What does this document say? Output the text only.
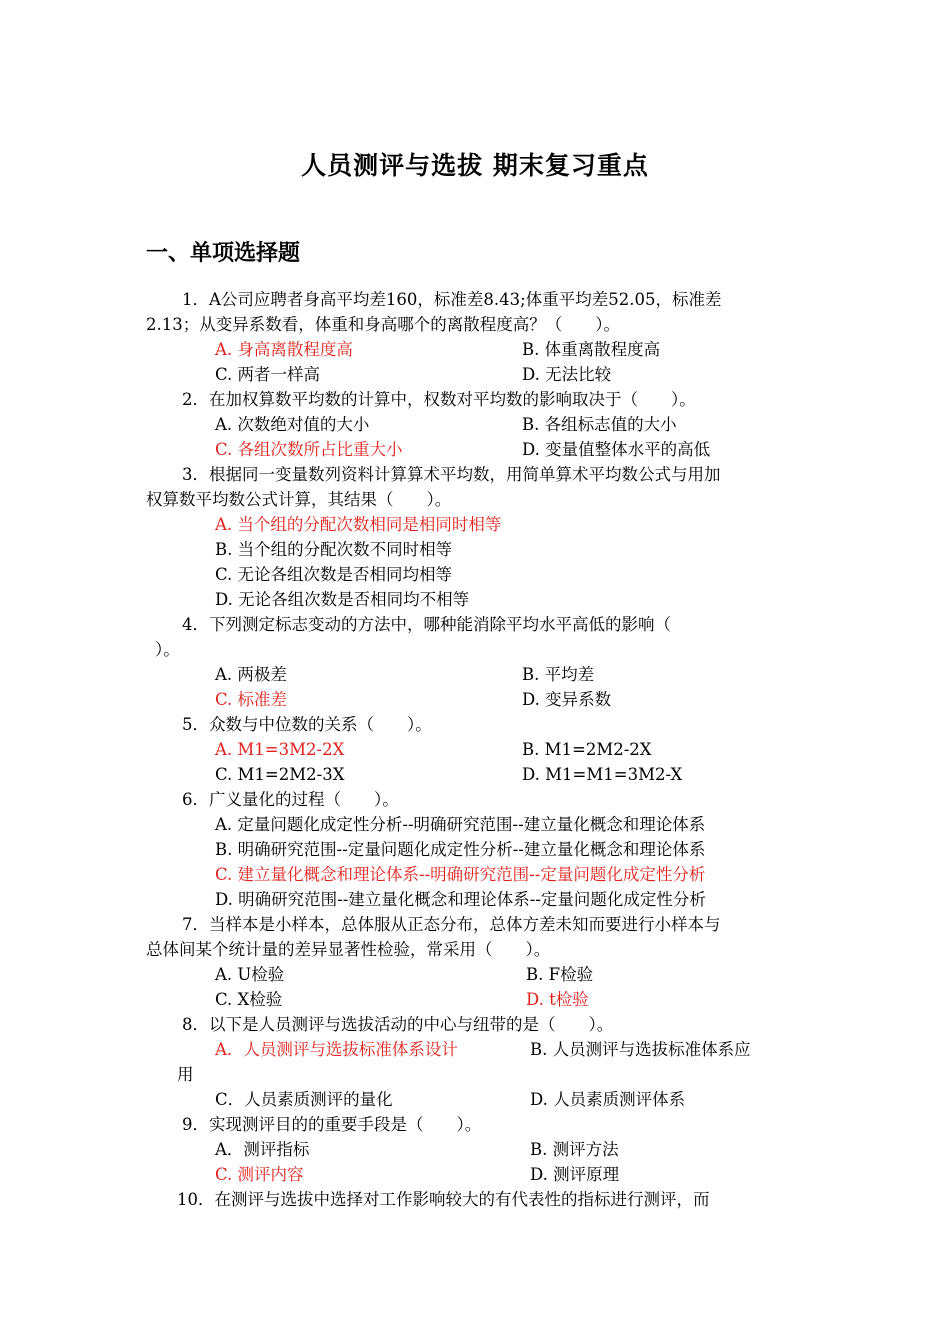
人员测评与选拔 期末复习重点
一、单项选择题
1．A公司应聘者身高平均差160，标准差8.43;体重平均差52.05，标准差
2.13；从变异系数看，体重和身高哪个的离散程度高？（　　）。
A. 身高离散程度高	B. 体重离散程度高
C. 两者一样高	D. 无法比较
2．在加权算数平均数的计算中，权数对平均数的影响取决于（　　）。
A. 次数绝对值的大小	B. 各组标志值的大小
C. 各组次数所占比重大小	D. 变量值整体水平的高低
3．根据同一变量数列资料计算算术平均数，用简单算术平均数公式与用加
权算数平均数公式计算，其结果（　　）。
A. 当个组的分配次数相同是相同时相等
B. 当个组的分配次数不同时相等
C. 无论各组次数是否相同均相等
D. 无论各组次数是否相同均不相等
4．下列测定标志变动的方法中，哪种能消除平均水平高低的影响（
）。
A. 两极差	B. 平均差
C. 标准差	D. 变异系数
5．众数与中位数的关系（　　）。
A. M1=3M2-2X	B. M1=2M2-2X
C. M1=2M2-3X	D. M1=M1=3M2-X
6．广义量化的过程（　　）。
A. 定量问题化成定性分析--明确研究范围--建立量化概念和理论体系
B. 明确研究范围--定量问题化成定性分析--建立量化概念和理论体系
C. 建立量化概念和理论体系--明确研究范围--定量问题化成定性分析
D. 明确研究范围--建立量化概念和理论体系--定量问题化成定性分析
7．当样本是小样本，总体服从正态分布，总体方差未知而要进行小样本与
总体间某个统计量的差异显著性检验，常采用（　　）。
A. U检验	B. F检验
C. X检验	D. t检验
8．以下是人员测评与选拔活动的中心与纽带的是（　　）。
A．人员测评与选拔标准体系设计	B. 人员测评与选拔标准体系应
用
C．人员素质测评的量化	D. 人员素质测评体系
9．实现测评目的的重要手段是（　　）。
A．测评指标	B. 测评方法
C. 测评内容	D. 测评原理
10．在测评与选拔中选择对工作影响较大的有代表性的指标进行测评，而
